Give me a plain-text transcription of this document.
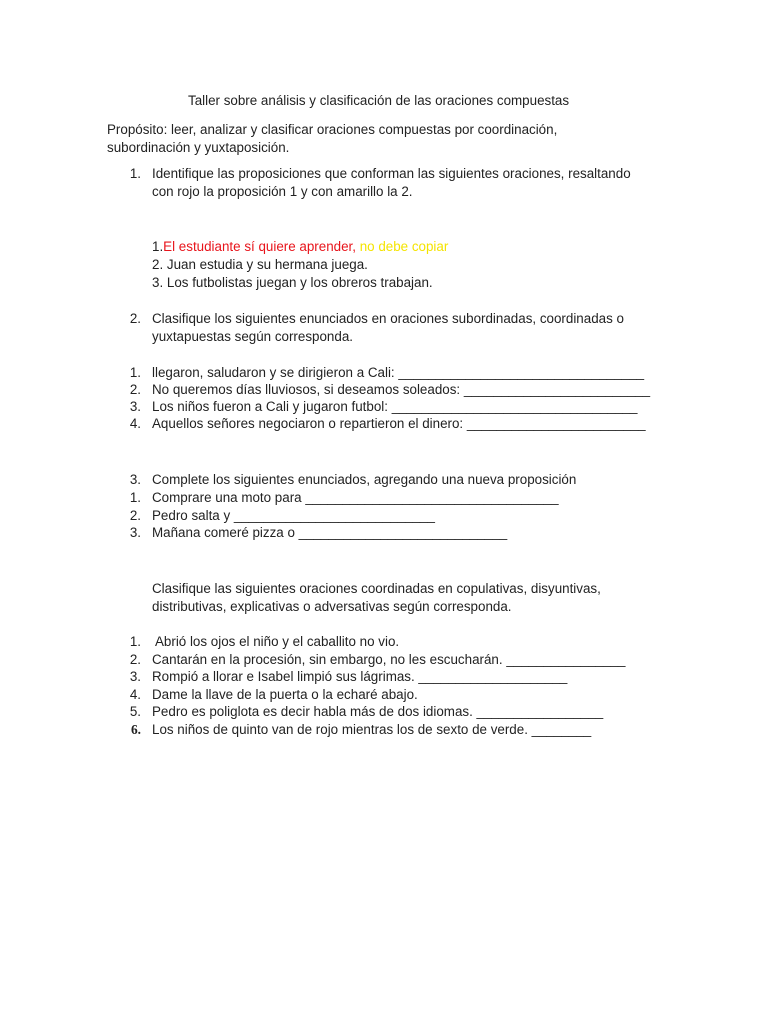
Taller sobre análisis y clasificación de las oraciones compuestas
Propósito: leer, analizar y clasificar oraciones compuestas por coordinación,
subordinación y yuxtaposición.
1. Identifique las proposiciones que conforman las siguientes oraciones, resaltando
con rojo la proposición 1 y con amarillo la 2.
1.El estudiante sí quiere aprender, no debe copiar
2. Juan estudia y su hermana juega.
3. Los futbolistas juegan y los obreros trabajan.
2. Clasifique los siguientes enunciados en oraciones subordinadas, coordinadas o
yuxtapuestas según corresponda.
1. llegaron, saludaron y se dirigieron a Cali: _________________________________
2. No queremos días lluviosos, si deseamos soleados: _________________________
3. Los niños fueron a Cali y jugaron futbol: _________________________________
4. Aquellos señores negociaron o repartieron el dinero: ________________________
3. Complete los siguientes enunciados, agregando una nueva proposición
1. Comprare una moto para __________________________________
2. Pedro salta y ___________________________
3. Mañana comeré pizza o ____________________________
Clasifique las siguientes oraciones coordinadas en copulativas, disyuntivas,
distributivas, explicativas o adversativas según corresponda.
1. Abrió los ojos el niño y el caballito no vio.
2. Cantarán en la procesión, sin embargo, no les escucharán. ________________
3. Rompió a llorar e Isabel limpió sus lágrimas. ____________________
4. Dame la llave de la puerta o la echaré abajo.
5. Pedro es poliglota es decir habla más de dos idiomas. _________________
6. Los niños de quinto van de rojo mientras los de sexto de verde. ________
